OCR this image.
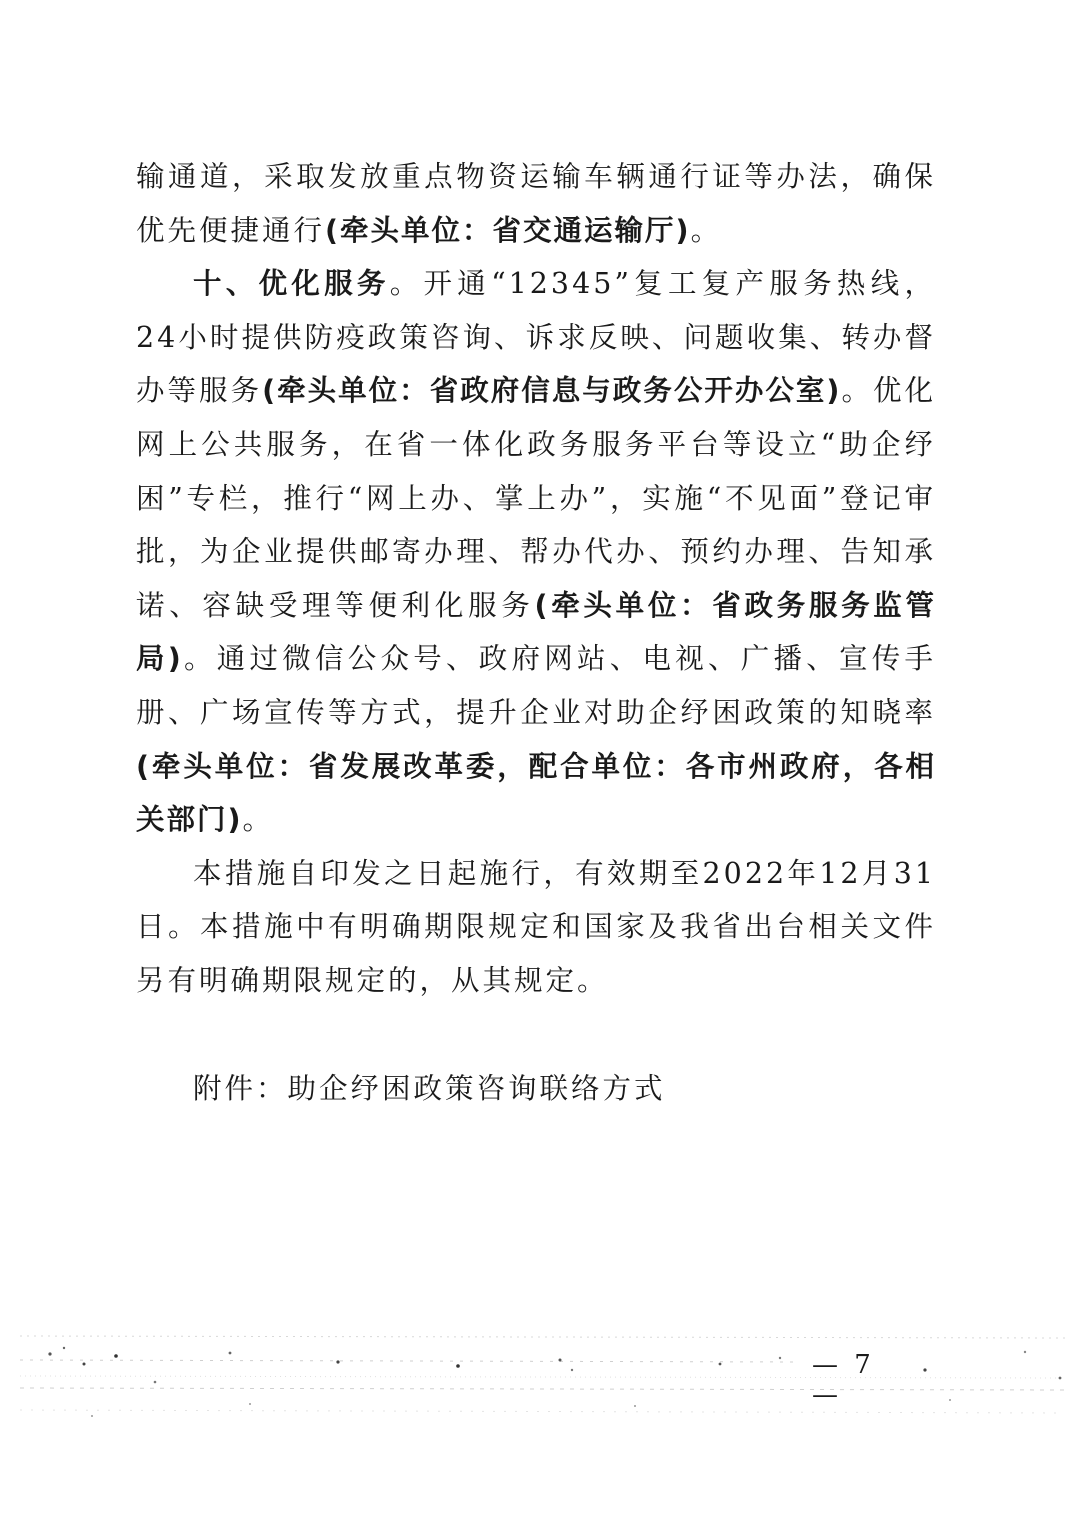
输通道，采取发放重点物资运输车辆通行证等办法，确保优先便捷通行(牵头单位：省交通运输厅)。

十、优化服务。开通“12345”复工复产服务热线，24小时提供防疫政策咨询、诉求反映、问题收集、转办督办等服务(牵头单位：省政府信息与政务公开办公室)。优化网上公共服务，在省一体化政务服务平台等设立“助企纾困”专栏，推行“网上办、掌上办”，实施“不见面”登记审批，为企业提供邮寄办理、帮办代办、预约办理、告知承诺、容缺受理等便利化服务(牵头单位：省政务服务监管局)。通过微信公众号、政府网站、电视、广播、宣传手册、广场宣传等方式，提升企业对助企纾困政策的知晓率(牵头单位：省发展改革委，配合单位：各市州政府，各相关部门)。

本措施自印发之日起施行，有效期至2022年12月31日。本措施中有明确期限规定和国家及我省出台相关文件另有明确期限规定的，从其规定。

附件：助企纾困政策咨询联络方式

— 7 —
